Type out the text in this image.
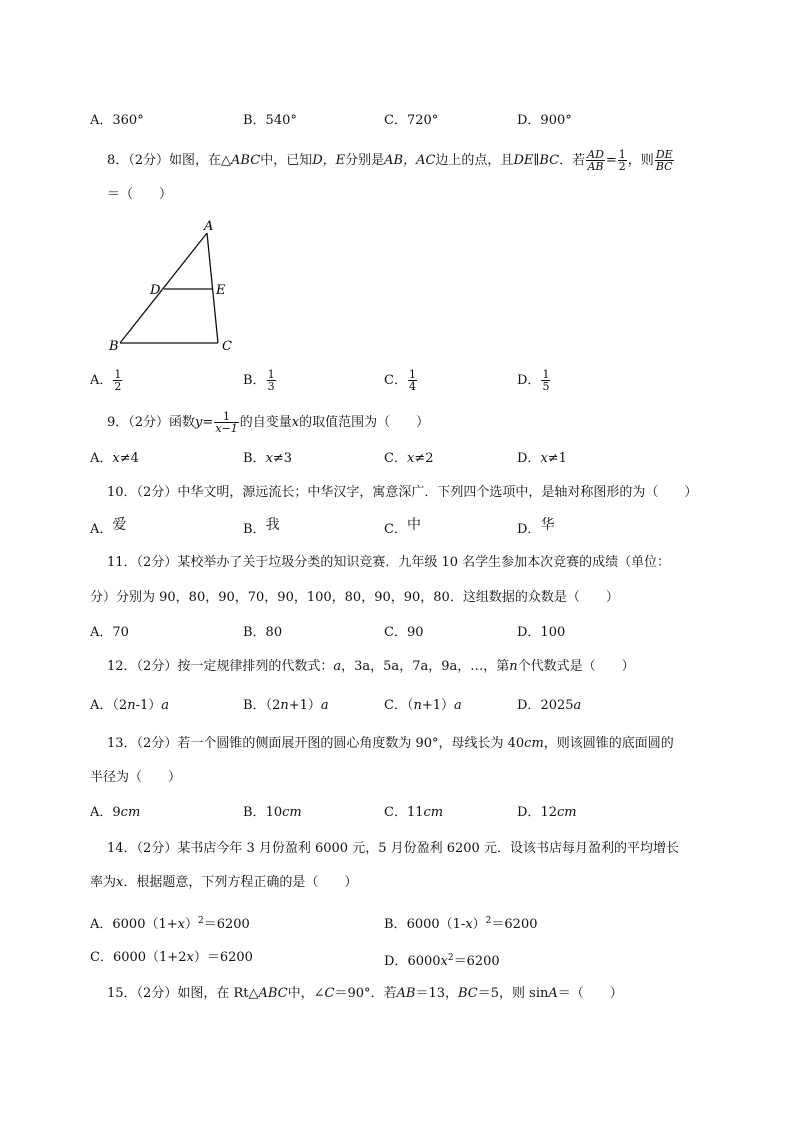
A．360°	B．540°	C．720°	D．900°
8．（2分）如图，在△ABC中，已知D，E分别是AB，AC边上的点，且DE∥BC．若 $\frac{AD}{AB} = \frac{1}{2}$ ，则 $\frac{DE}{BC}$
＝（　　）
A
D	E
B	C
A． $\frac{1}{2}$	B． $\frac{1}{3}$	C． $\frac{1}{4}$	D． $\frac{1}{5}$
9．（2分）函数$y= \frac{1}{x-1}$ 的自变量x的取值范围为（　　）
A．x≠4	B．x≠3	C．x≠2	D．x≠1
10．（2分）中华文明，源远流长；中华汉字，寓意深广．下列四个选项中，是轴对称图形的为（　　）
A．爱	B．我	C．中	D．华
11．（2分）某校举办了关于垃圾分类的知识竞赛．九年级 10 名学生参加本次竞赛的成绩（单位：
分）分别为 90，80，90，70，90，100，80，90，90，80．这组数据的众数是（　　）
A．70	B．80	C．90	D．100
12．（2分）按一定规律排列的代数式：a，3a，5a，7a，9a，…，第n个代数式是（　　）
A．（2n-1）a	B．（2n+1）a	C．（n+1）a	D．2025a
13．（2分）若一个圆锥的侧面展开图的圆心角度数为 90°，母线长为 40cm，则该圆锥的底面圆的
半径为（　　）
A．9cm	B．10cm	C．11cm	D．12cm
14．（2分）某书店今年 3 月份盈利 6000 元，5 月份盈利 6200 元．设该书店每月盈利的平均增长
率为x．根据题意，下列方程正确的是（　　）
A．$6000(1+x)^2=6200$	B．$6000(1-x)^2=6200$
C．6000（1+2x）＝6200	D．$6000x^2=6200$
15．（2分）如图，在 Rt△ABC中，∠C＝90°．若AB＝13，BC＝5，则 sinA＝（　　）
